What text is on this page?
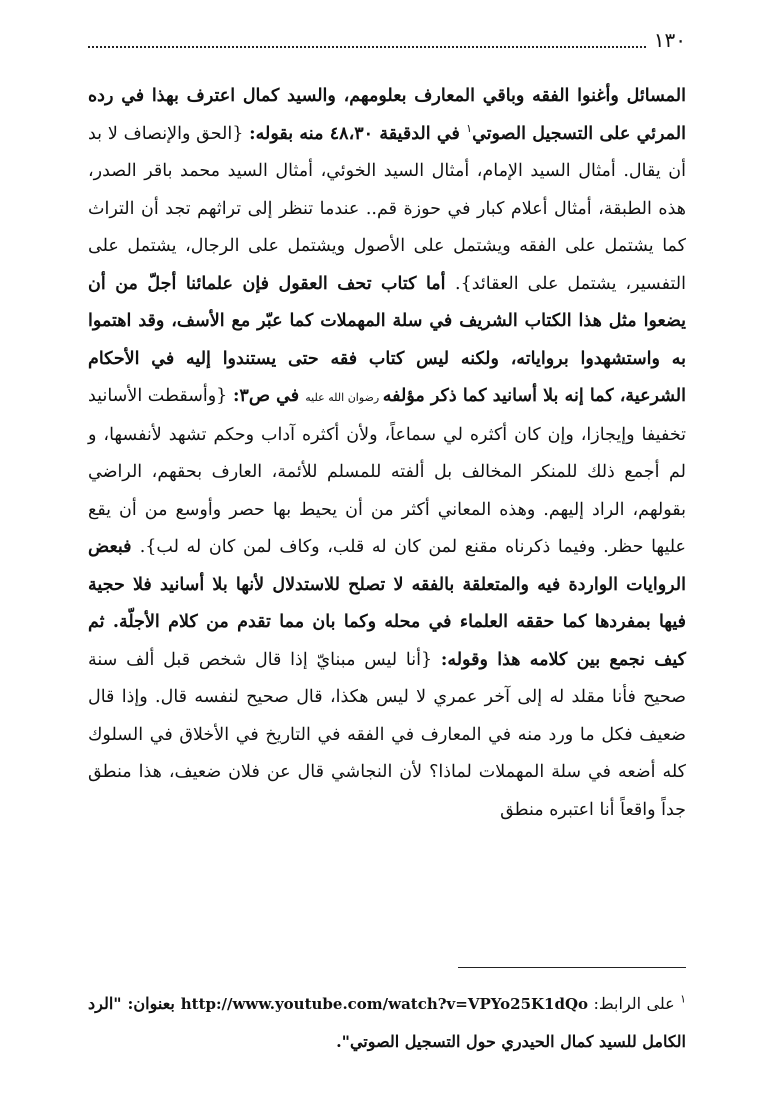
١٣٠

المسائل وأغنوا الفقه وباقي المعارف بعلومهم، والسيد كمال اعترف بهذا في رده المرئي على التسجيل الصوتي$^١$ في الدقيقة ٤٨،٣٠ منه بقوله: {الحق والإنصاف لا بد أن يقال. أمثال السيد الإمام، أمثال السيد الخوئي، أمثال السيد محمد باقر الصدر، هذه الطبقة، أمثال أعلام كبار في حوزة قم.. عندما تنظر إلى تراثهم تجد أن التراث كما يشتمل على الفقه ويشتمل على الأصول ويشتمل على الرجال، يشتمل على التفسير، يشتمل على العقائد}. أما كتاب تحف العقول فإن علمائنا أجلّ من أن يضعوا مثل هذا الكتاب الشريف في سلة المهملات كما عبّر مع الأسف، وقد اهتموا به واستشهدوا برواياته، ولكنه ليس كتاب فقه حتى يستندوا إليه في الأحكام الشرعية، كما إنه بلا أسانيد كما ذكر مؤلفه رضوان الله عليه في ص٣: {وأسقطت الأسانيد تخفيفا وإيجازا، وإن كان أكثره لي سماعاً، ولأن أكثره آداب وحكم تشهد لأنفسها، و لم أجمع ذلك للمنكر المخالف بل ألفته للمسلم للأئمة، العارف بحقهم، الراضي بقولهم، الراد إليهم. وهذه المعاني أكثر من أن يحيط بها حصر وأوسع من أن يقع عليها حظر. وفيما ذكرناه مقنع لمن كان له قلب، وكاف لمن كان له لب}. فبعض الروايات الواردة فيه والمتعلقة بالفقه لا تصلح للاستدلال لأنها بلا أسانيد فلا حجية فيها بمفردها كما حققه العلماء في محله وكما بان مما تقدم من كلام الأجلّة. ثم كيف نجمع بين كلامه هذا وقوله: {أنا ليس مبنايّ إذا قال شخص قبل ألف سنة صحيح فأنا مقلد له إلى آخر عمري لا ليس هكذا، قال صحيح لنفسه قال. وإذا قال ضعيف فكل ما ورد منه في المعارف في الفقه في التاريخ في الأخلاق في السلوك كله أضعه في سلة المهملات لماذا؟ لأن النجاشي قال عن فلان ضعيف، هذا منطق جداً واقعاً أنا اعتبره منطق

$^١$ على الرابط: http://www.youtube.com/watch?v=VPYo25K1dQo بعنوان: "الرد الكامل للسيد كمال الحيدري حول التسجيل الصوتي".
